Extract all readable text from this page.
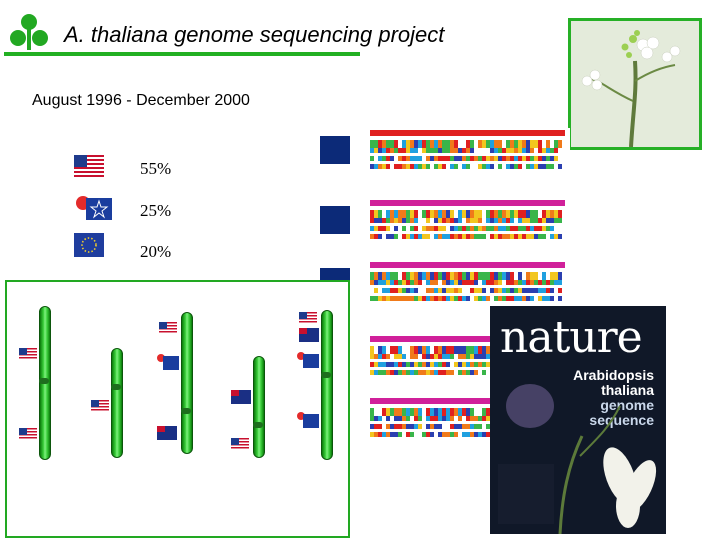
A. thaliana genome sequencing project
August 1996 - December 2000
55%
25%
20%
nature
Arabidopsis
thaliana
genome
sequence
